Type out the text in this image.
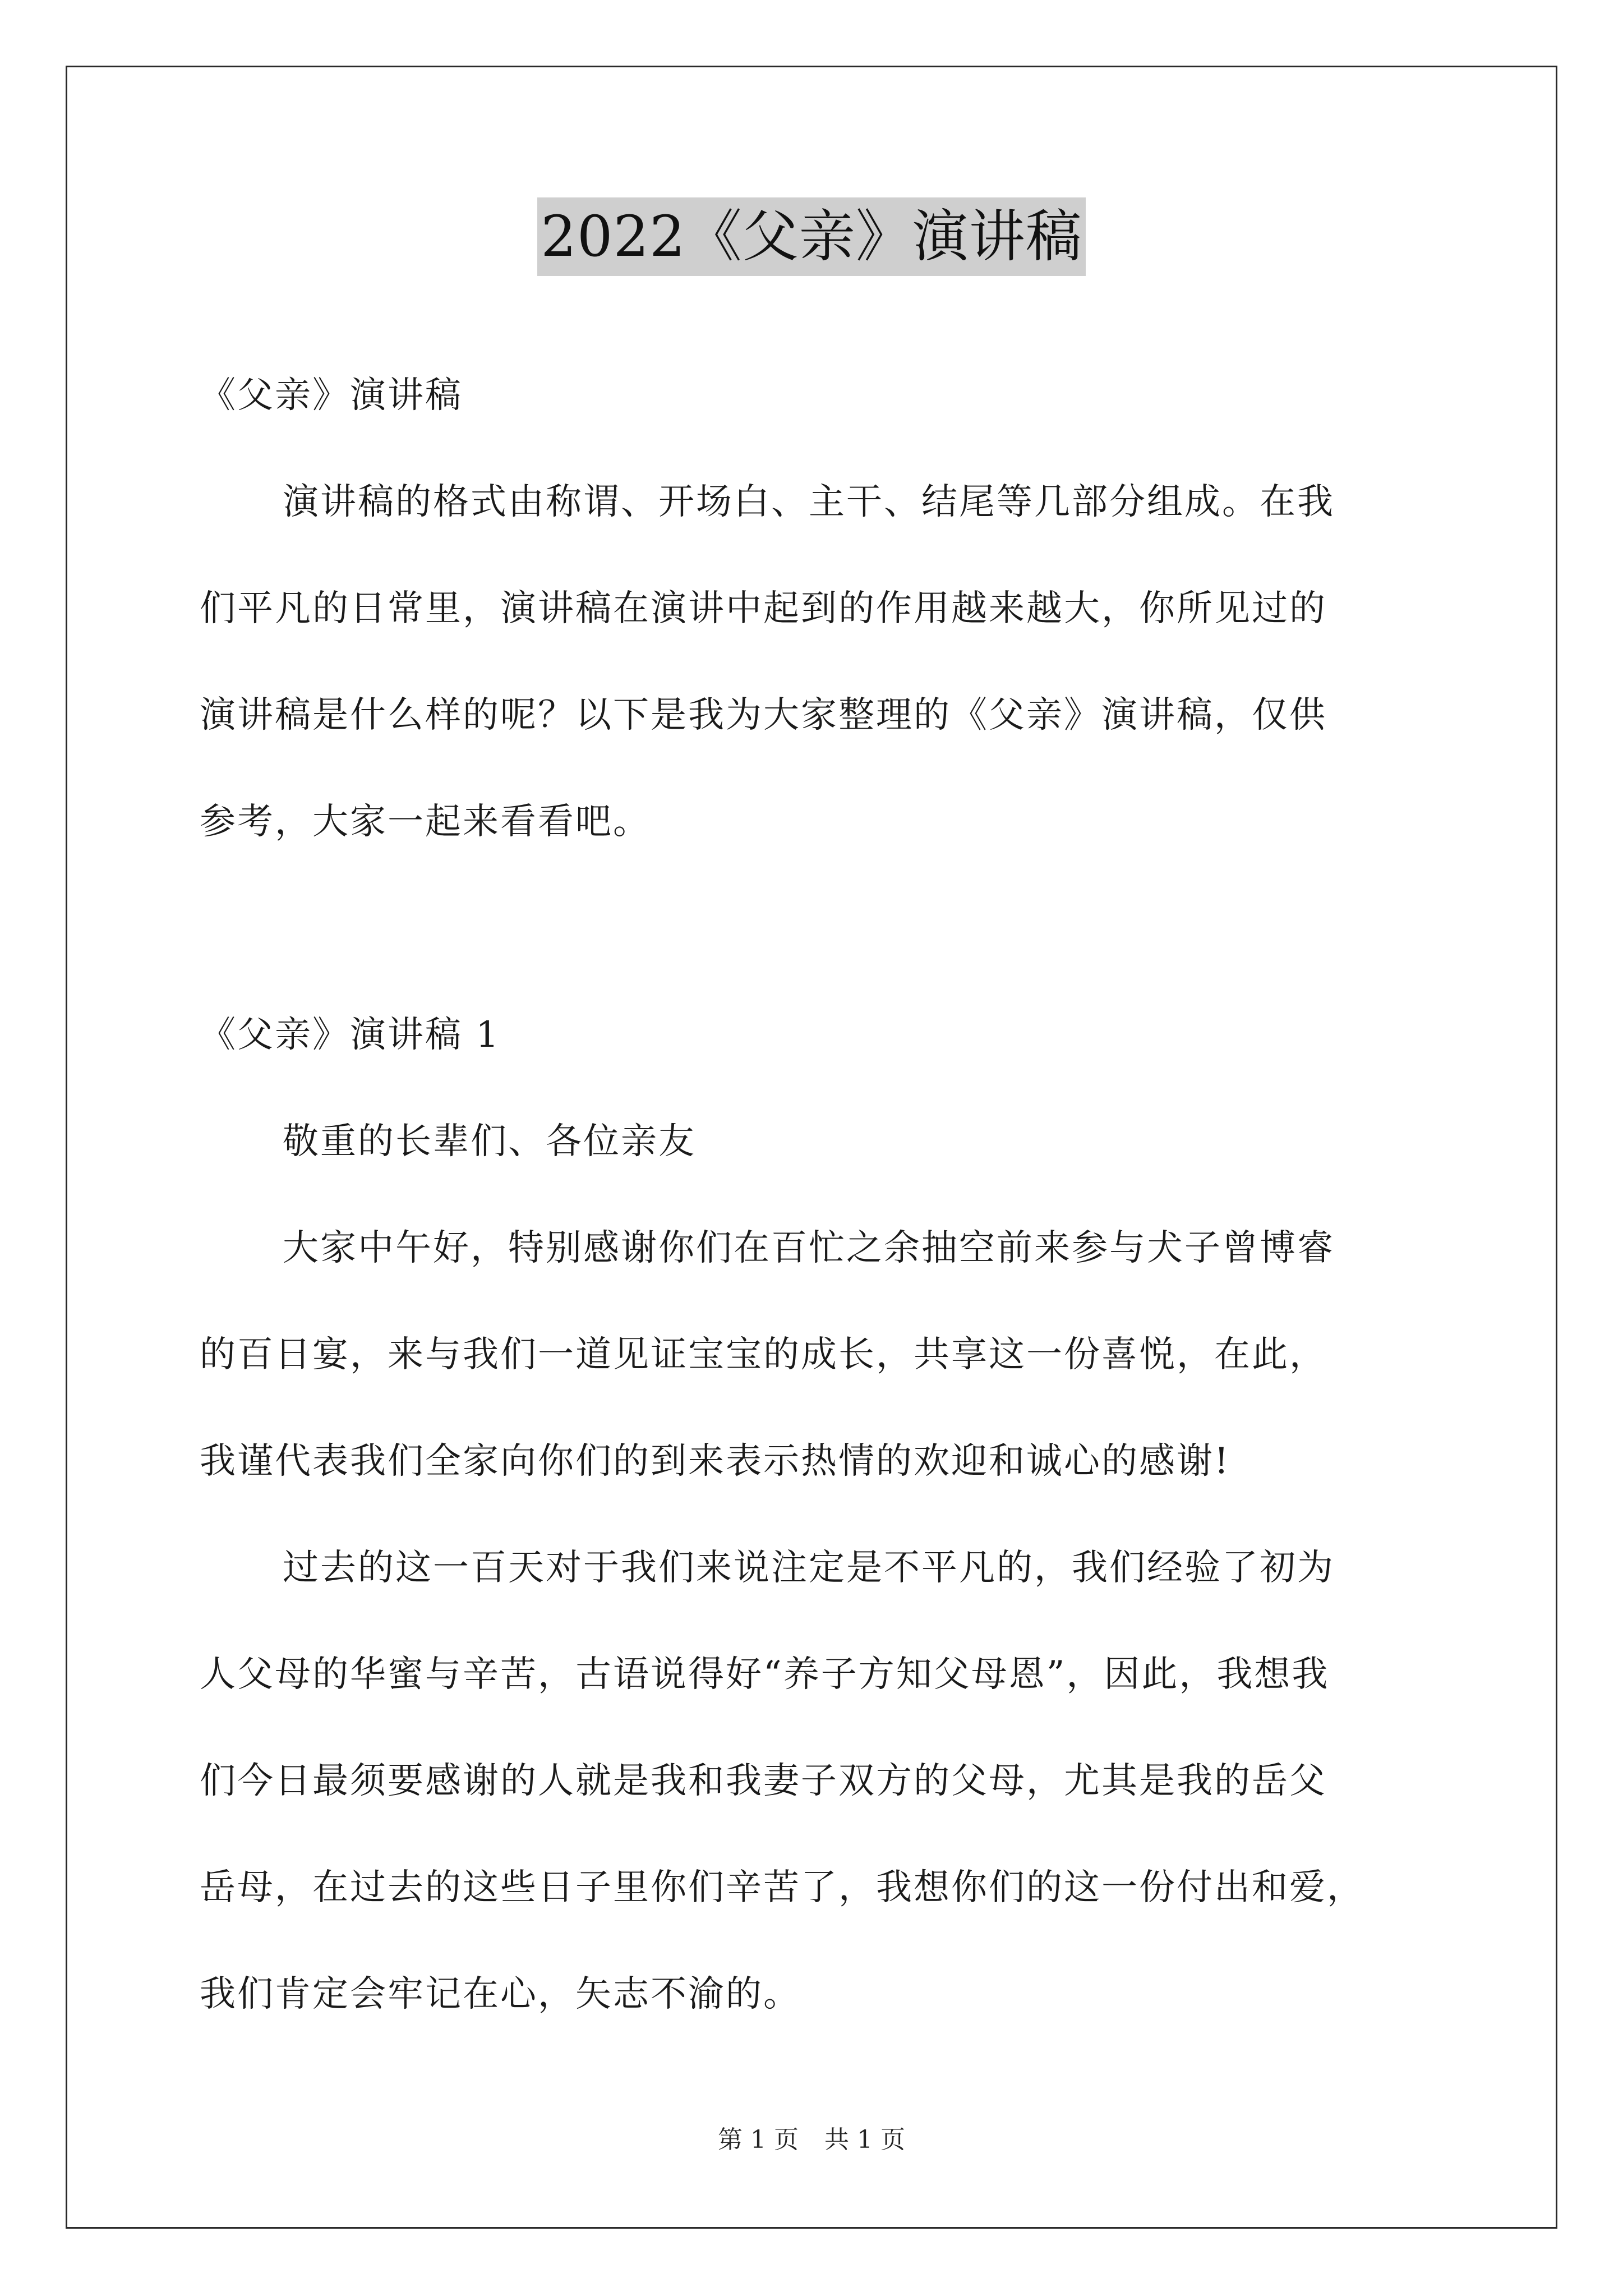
2022《父亲》演讲稿
《父亲》演讲稿
演讲稿的格式由称谓、开场白、主干、结尾等几部分组成。在我
们平凡的日常里，演讲稿在演讲中起到的作用越来越大，你所见过的
演讲稿是什么样的呢？以下是我为大家整理的《父亲》演讲稿，仅供
参考，大家一起来看看吧。
《父亲》演讲稿 1
敬重的长辈们、各位亲友
大家中午好，特别感谢你们在百忙之余抽空前来参与犬子曾博睿
的百日宴，来与我们一道见证宝宝的成长，共享这一份喜悦，在此，
我谨代表我们全家向你们的到来表示热情的欢迎和诚心的感谢!
过去的这一百天对于我们来说注定是不平凡的，我们经验了初为
人父母的华蜜与辛苦，古语说得好“养子方知父母恩”，因此，我想我
们今日最须要感谢的人就是我和我妻子双方的父母，尤其是我的岳父
岳母，在过去的这些日子里你们辛苦了，我想你们的这一份付出和爱，
我们肯定会牢记在心，矢志不渝的。
第 1 页 共 1 页
